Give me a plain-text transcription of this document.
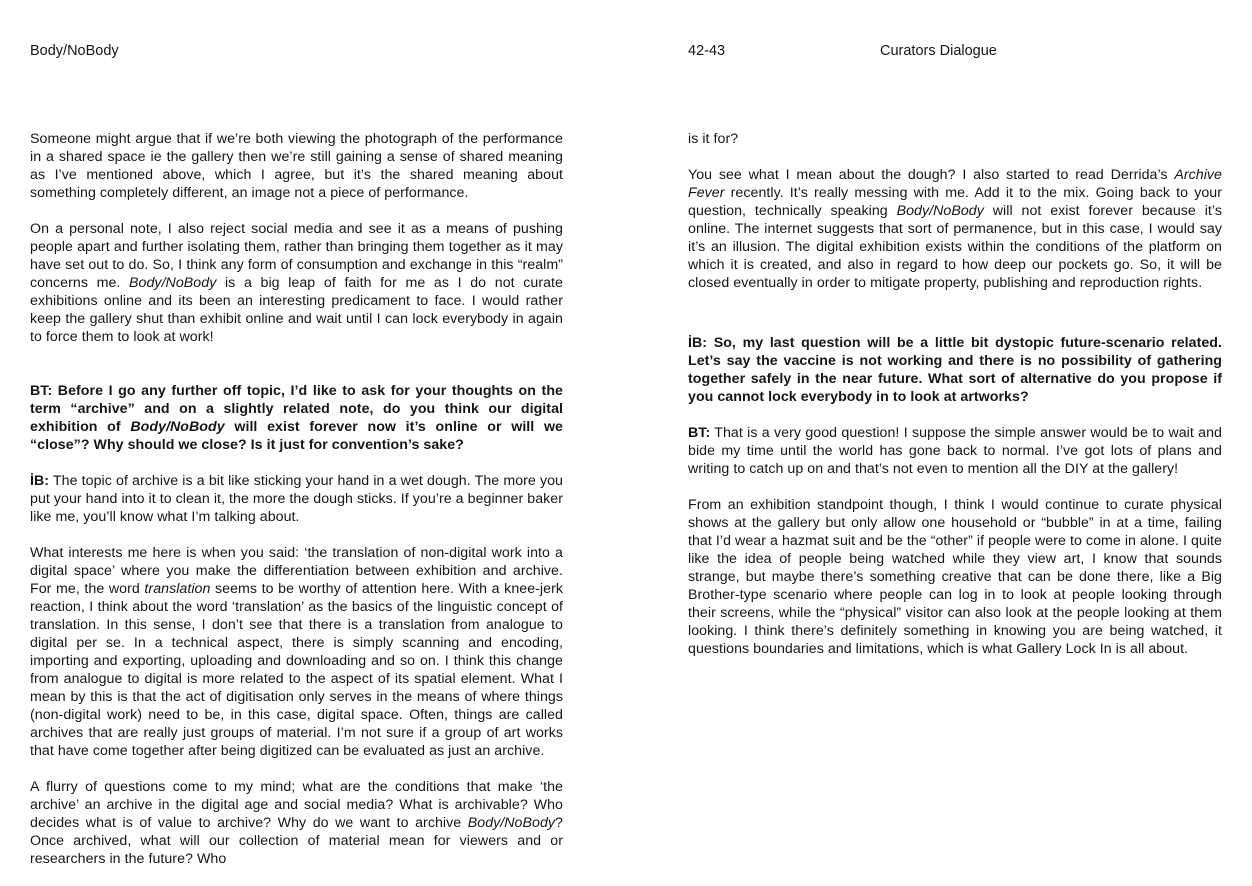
Body/NoBody	42-43	Curators Dialogue

Someone might argue that if we’re both viewing the photograph of the performance in a shared space ie the gallery then we’re still gaining a sense of shared meaning as I’ve mentioned above, which I agree, but it’s the shared meaning about something completely different, an image not a piece of performance.

On a personal note, I also reject social media and see it as a means of pushing people apart and further isolating them, rather than bringing them together as it may have set out to do. So, I think any form of consumption and exchange in this “realm” concerns me. Body/NoBody is a big leap of faith for me as I do not curate exhibitions online and its been an interesting predicament to face. I would rather keep the gallery shut than exhibit online and wait until I can lock everybody in again to force them to look at work!

BT: Before I go any further off topic, I’d like to ask for your thoughts on the term “archive” and on a slightly related note, do you think our digital exhibition of Body/NoBody will exist forever now it’s online or will we “close”? Why should we close? Is it just for convention’s sake?

İB: The topic of archive is a bit like sticking your hand in a wet dough. The more you put your hand into it to clean it, the more the dough sticks. If you’re a beginner baker like me, you’ll know what I’m talking about.

What interests me here is when you said: ‘the translation of non-digital work into a digital space’ where you make the differentiation between exhibition and archive. For me, the word translation seems to be worthy of attention here. With a knee-jerk reaction, I think about the word ‘translation’ as the basics of the linguistic concept of translation. In this sense, I don’t see that there is a translation from analogue to digital per se. In a technical aspect, there is simply scanning and encoding, importing and exporting, uploading and downloading and so on. I think this change from analogue to digital is more related to the aspect of its spatial element. What I mean by this is that the act of digitisation only serves in the means of where things (non-digital work) need to be, in this case, digital space. Often, things are called archives that are really just groups of material. I’m not sure if a group of art works that have come together after being digitized can be evaluated as just an archive.

A flurry of questions come to my mind; what are the conditions that make ‘the archive’ an archive in the digital age and social media? What is archivable? Who decides what is of value to archive? Why do we want to archive Body/NoBody? Once archived, what will our collection of material mean for viewers and or researchers in the future? Who

is it for?

You see what I mean about the dough? I also started to read Derrida’s Archive Fever recently. It’s really messing with me. Add it to the mix. Going back to your question, technically speaking Body/NoBody will not exist forever because it’s online. The internet suggests that sort of permanence, but in this case, I would say it’s an illusion. The digital exhibition exists within the conditions of the platform on which it is created, and also in regard to how deep our pockets go. So, it will be closed eventually in order to mitigate property, publishing and reproduction rights.

İB: So, my last question will be a little bit dystopic future-scenario related. Let’s say the vaccine is not working and there is no possibility of gathering together safely in the near future. What sort of alternative do you propose if you cannot lock everybody in to look at artworks?

BT: That is a very good question! I suppose the simple answer would be to wait and bide my time until the world has gone back to normal. I’ve got lots of plans and writing to catch up on and that’s not even to mention all the DIY at the gallery!

From an exhibition standpoint though, I think I would continue to curate physical shows at the gallery but only allow one household or “bubble” in at a time, failing that I’d wear a hazmat suit and be the “other” if people were to come in alone. I quite like the idea of people being watched while they view art, I know that sounds strange, but maybe there’s something creative that can be done there, like a Big Brother-type scenario where people can log in to look at people looking through their screens, while the “physical” visitor can also look at the people looking at them looking. I think there’s definitely something in knowing you are being watched, it questions boundaries and limitations, which is what Gallery Lock In is all about.
